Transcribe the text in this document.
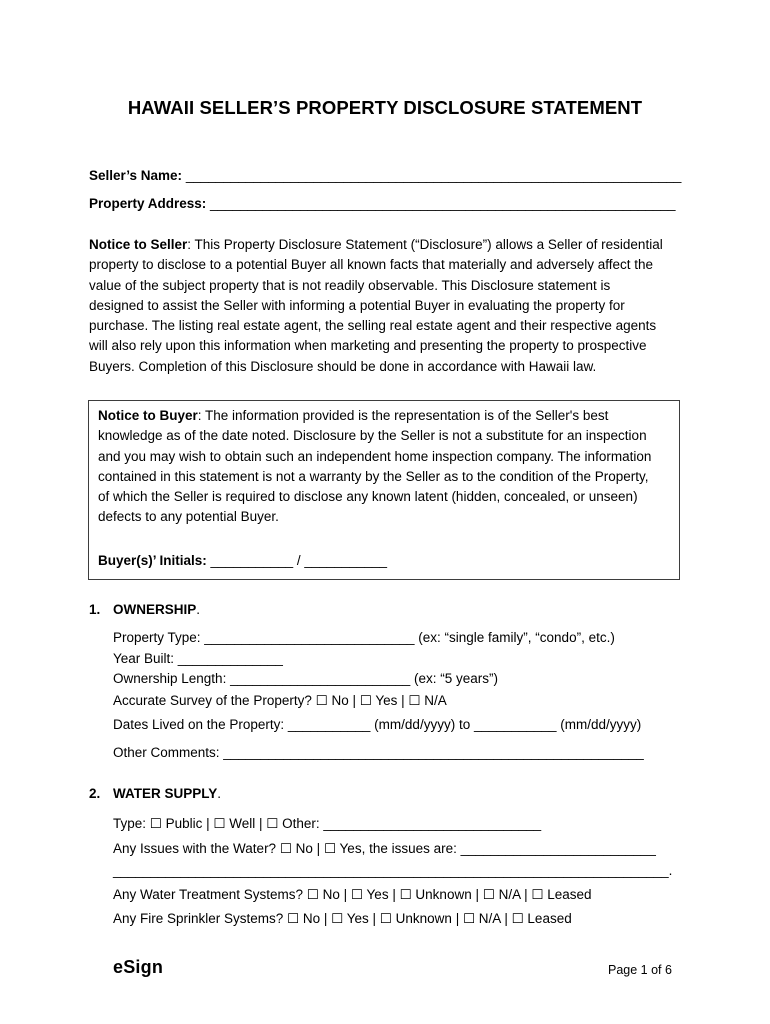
HAWAII SELLER’S PROPERTY DISCLOSURE STATEMENT
Seller’s Name: __________________________________________________________________
Property Address: ______________________________________________________________
Notice to Seller: This Property Disclosure Statement (“Disclosure”) allows a Seller of residential
property to disclose to a potential Buyer all known facts that materially and adversely affect the
value of the subject property that is not readily observable. This Disclosure statement is
designed to assist the Seller with informing a potential Buyer in evaluating the property for
purchase. The listing real estate agent, the selling real estate agent and their respective agents
will also rely upon this information when marketing and presenting the property to prospective
Buyers. Completion of this Disclosure should be done in accordance with Hawaii law.
Notice to Buyer: The information provided is the representation is of the Seller's best
knowledge as of the date noted. Disclosure by the Seller is not a substitute for an inspection
and you may wish to obtain such an independent home inspection company. The information
contained in this statement is not a warranty by the Seller as to the condition of the Property,
of which the Seller is required to disclose any known latent (hidden, concealed, or unseen)
defects to any potential Buyer.
Buyer(s)’ Initials: ___________ / ___________
1. OWNERSHIP.
Property Type: ____________________________ (ex: “single family”, “condo”, etc.)
Year Built: ______________
Ownership Length: ________________________ (ex: “5 years”)
Accurate Survey of the Property? ☐ No | ☐ Yes | ☐ N/A
Dates Lived on the Property: ___________ (mm/dd/yyyy) to ___________ (mm/dd/yyyy)
Other Comments: ________________________________________________________
2. WATER SUPPLY.
Type: ☐ Public | ☐ Well | ☐ Other: _____________________________
Any Issues with the Water? ☐ No | ☐ Yes, the issues are: __________________________
__________________________________________________________________________.
Any Water Treatment Systems? ☐ No | ☐ Yes | ☐ Unknown | ☐ N/A | ☐ Leased
Any Fire Sprinkler Systems? ☐ No | ☐ Yes | ☐ Unknown | ☐ N/A | ☐ Leased
eSign	Page 1 of 6
